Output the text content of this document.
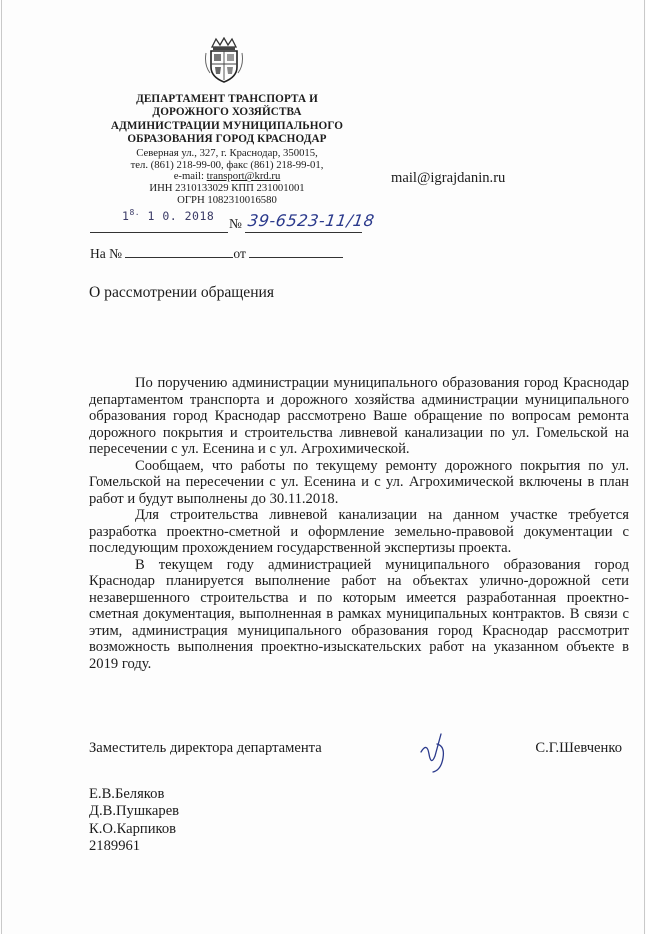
ДЕПАРТАМЕНТ ТРАНСПОРТА И
ДОРОЖНОГО ХОЗЯЙСТВА
АДМИНИСТРАЦИИ МУНИЦИПАЛЬНОГО
ОБРАЗОВАНИЯ ГОРОД КРАСНОДАР
Северная ул., 327, г. Краснодар, 350015,
тел. (861) 218-99-00, факс (861) 218-99-01,
e-mail: transport@krd.ru
ИНН 2310133029 КПП 231001001
ОГРН 1082310016580
mail@igrajdanin.ru
$1^{8.}$ 1 0. 2018
№ 39-6523-11/18
На №	от
О рассмотрении обращения

По поручению администрации муниципального образования город Краснодар департаментом транспорта и дорожного хозяйства администрации муниципального образования город Краснодар рассмотрено Ваше обращение по вопросам ремонта дорожного покрытия и строительства ливневой канализации по ул. Гомельской на пересечении с ул. Есенина и с ул. Агрохимической.

Сообщаем, что работы по текущему ремонту дорожного покрытия по ул. Гомельской на пересечении с ул. Есенина и с ул. Агрохимической включены в план работ и будут выполнены до 30.11.2018.

Для строительства ливневой канализации на данном участке требуется разработка проектно-сметной и оформление земельно-правовой документации с последующим прохождением государственной экспертизы проекта.

В текущем году администрацией муниципального образования город Краснодар планируется выполнение работ на объектах улично-дорожной сети незавершенного строительства и по которым имеется разработанная проектно-сметная документация, выполненная в рамках муниципальных контрактов. В связи с этим, администрация муниципального образования город Краснодар рассмотрит возможность выполнения проектно-изыскательских работ на указанном объекте в 2019 году.

Заместитель директора департамента	С.Г.Шевченко
Е.В.Беляков
Д.В.Пушкарев
К.О.Карпиков
2189961
